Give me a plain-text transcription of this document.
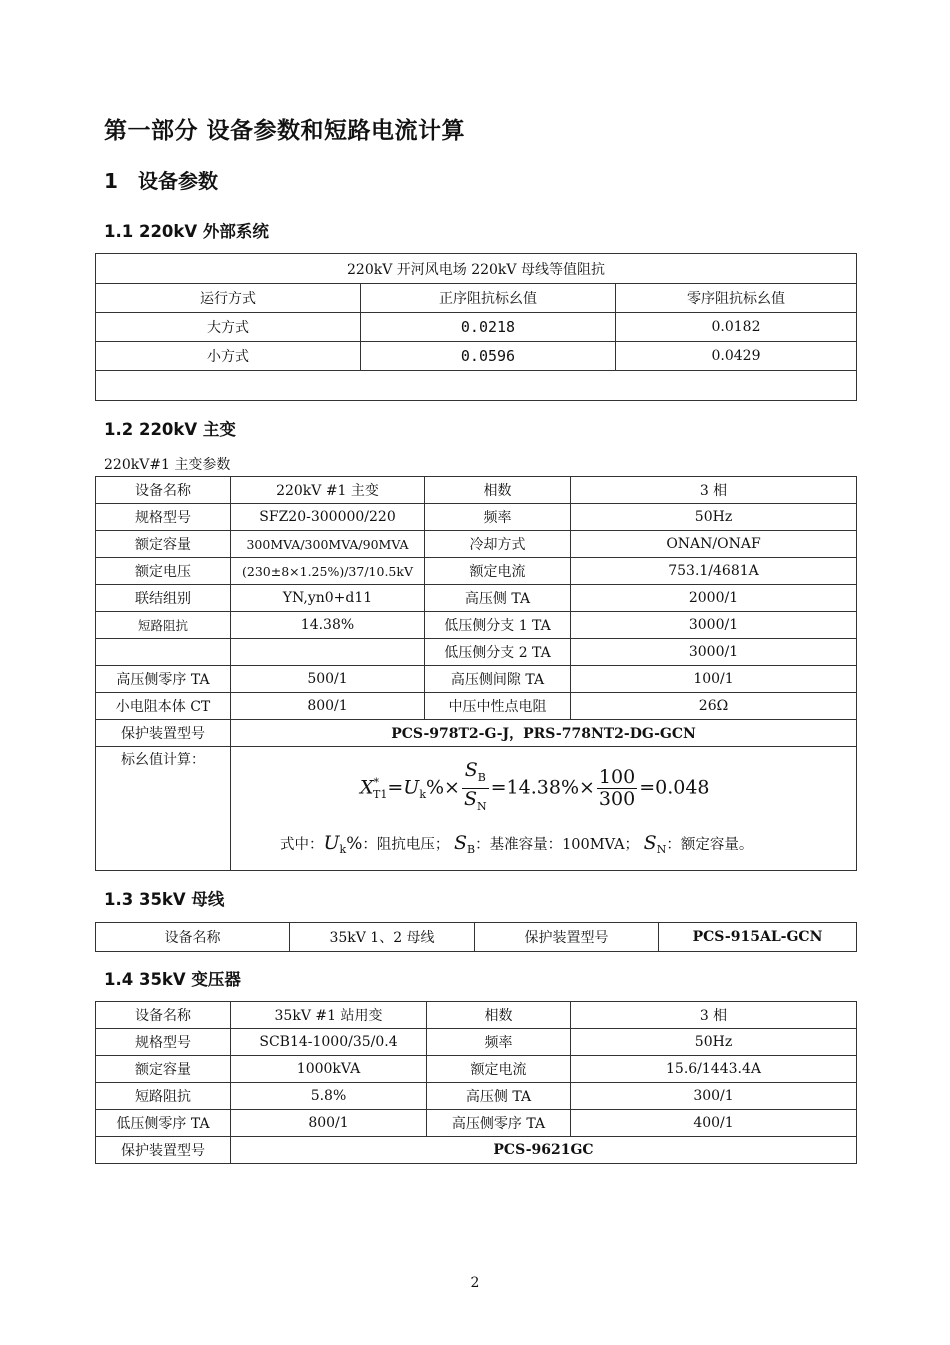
第一部分 设备参数和短路电流计算
1 设备参数
1.1 220kV 外部系统
220kV 开河风电场 220kV 母线等值阻抗		
运行方式	正序阻抗标幺值	零序阻抗标幺值
大方式	0.0218	0.0182
小方式	0.0596	0.0429

1.2 220kV 主变
220kV#1 主变参数
设备名称	220kV #1 主变	相数	3 相
规格型号	SFZ20-300000/220	频率	50Hz
额定容量	300MVA/300MVA/90MVA	冷却方式	ONAN/ONAF
额定电压	(230±8×1.25%)/37/10.5kV	额定电流	753.1/4681A
联结组别	YN,yn0+d11	高压侧 TA	2000/1
短路阻抗	14.38%	低压侧分支 1 TA	3000/1
		低压侧分支 2 TA	3000/1
高压侧零序 TA	500/1	高压侧间隙 TA	100/1
小电阻本体 CT	800/1	中压中性点电阻	26Ω
保护装置型号	PCS-978T2-G-J，PRS-778NT2-DG-GCN		
标幺值计算：			
$X^*_{T1}=U_k\%\times \frac{S_B}{S_N} =14.38\%\times \frac{100}{300} =0.048$
式中：$U_k\%$：阻抗电压； $S_B$：基准容量：100MVA； $S_N$：额定容量。
1.3 35kV 母线
设备名称	35kV 1、2 母线	保护装置型号	PCS-915AL-GCN
1.4 35kV 变压器
设备名称	35kV #1 站用变	相数	3 相
规格型号	SCB14-1000/35/0.4	频率	50Hz
额定容量	1000kVA	额定电流	15.6/1443.4A
短路阻抗	5.8%	高压侧 TA	300/1
低压侧零序 TA	800/1	高压侧零序 TA	400/1
保护装置型号	PCS-9621GC		
2
